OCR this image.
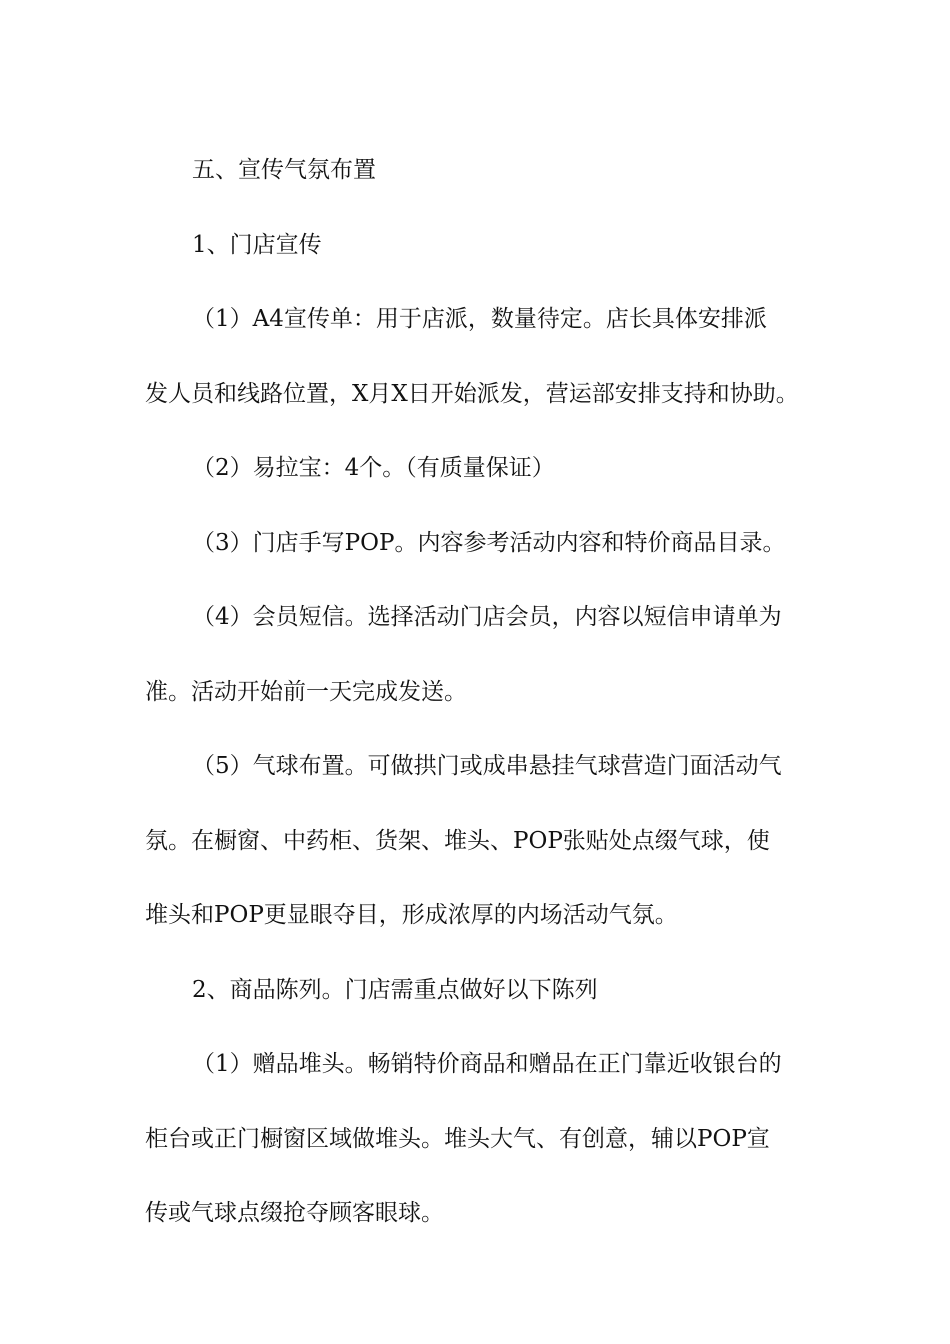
五、宣传气氛布置

1、门店宣传

（1）A4宣传单：用于店派，数量待定。店长具体安排派

发人员和线路位置，X月X日开始派发，营运部安排支持和协助。

（2）易拉宝：4个。（有质量保证）

（3）门店手写POP。内容参考活动内容和特价商品目录。

（4）会员短信。选择活动门店会员，内容以短信申请单为

准。活动开始前一天完成发送。

（5）气球布置。可做拱门或成串悬挂气球营造门面活动气

氛。在橱窗、中药柜、货架、堆头、POP张贴处点缀气球，使

堆头和POP更显眼夺目，形成浓厚的内场活动气氛。

2、商品陈列。门店需重点做好以下陈列

（1）赠品堆头。畅销特价商品和赠品在正门靠近收银台的

柜台或正门橱窗区域做堆头。堆头大气、有创意，辅以POP宣

传或气球点缀抢夺顾客眼球。
